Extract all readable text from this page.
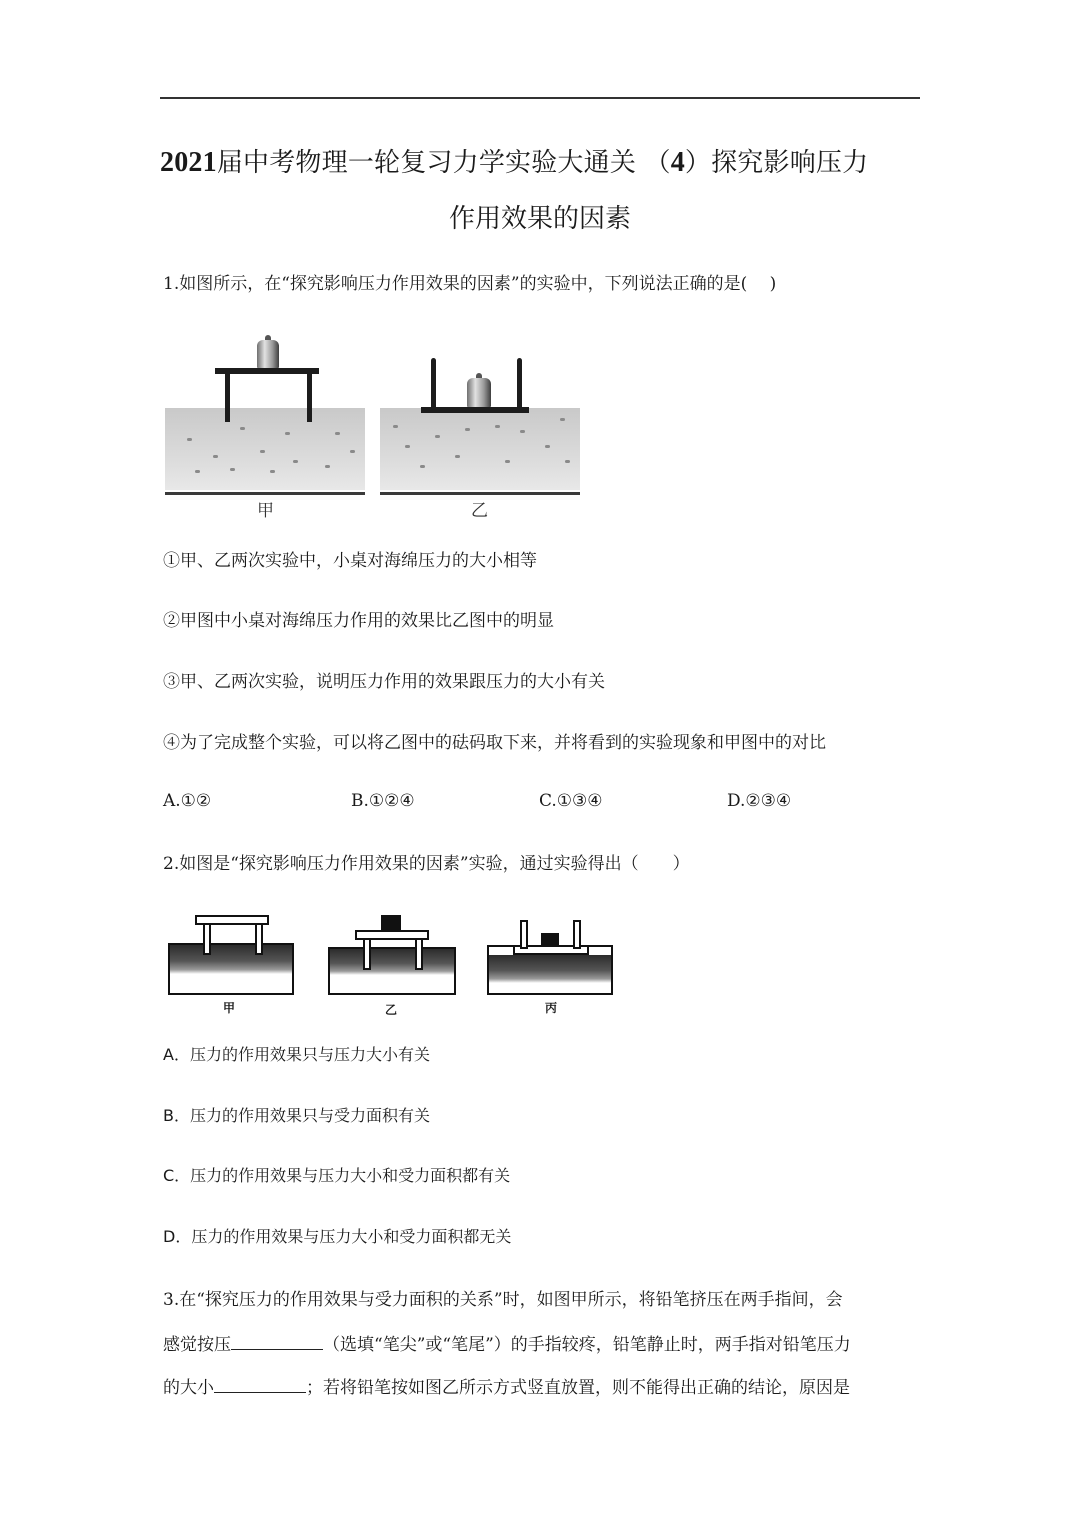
2021届中考物理一轮复习力学实验大通关 （4）探究影响压力
作用效果的因素
1.如图所示，在“探究影响压力作用效果的因素”的实验中，下列说法正确的是(　 )
甲	乙
①甲、乙两次实验中，小桌对海绵压力的大小相等
②甲图中小桌对海绵压力作用的效果比乙图中的明显
③甲、乙两次实验，说明压力作用的效果跟压力的大小有关
④为了完成整个实验，可以将乙图中的砝码取下来，并将看到的实验现象和甲图中的对比
A.①②	B.①②④	C.①③④	D.②③④
2.如图是“探究影响压力作用效果的因素”实验，通过实验得出（　　）
甲	乙	丙
A．压力的作用效果只与压力大小有关
B．压力的作用效果只与受力面积有关
C．压力的作用效果与压力大小和受力面积都有关
D．压力的作用效果与压力大小和受力面积都无关
3.在“探究压力的作用效果与受力面积的关系”时，如图甲所示，将铅笔挤压在两手指间，会
感觉按压	（选填“笔尖”或“笔尾”）的手指较疼，铅笔静止时，两手指对铅笔压力
的大小	；若将铅笔按如图乙所示方式竖直放置，则不能得出正确的结论，原因是
